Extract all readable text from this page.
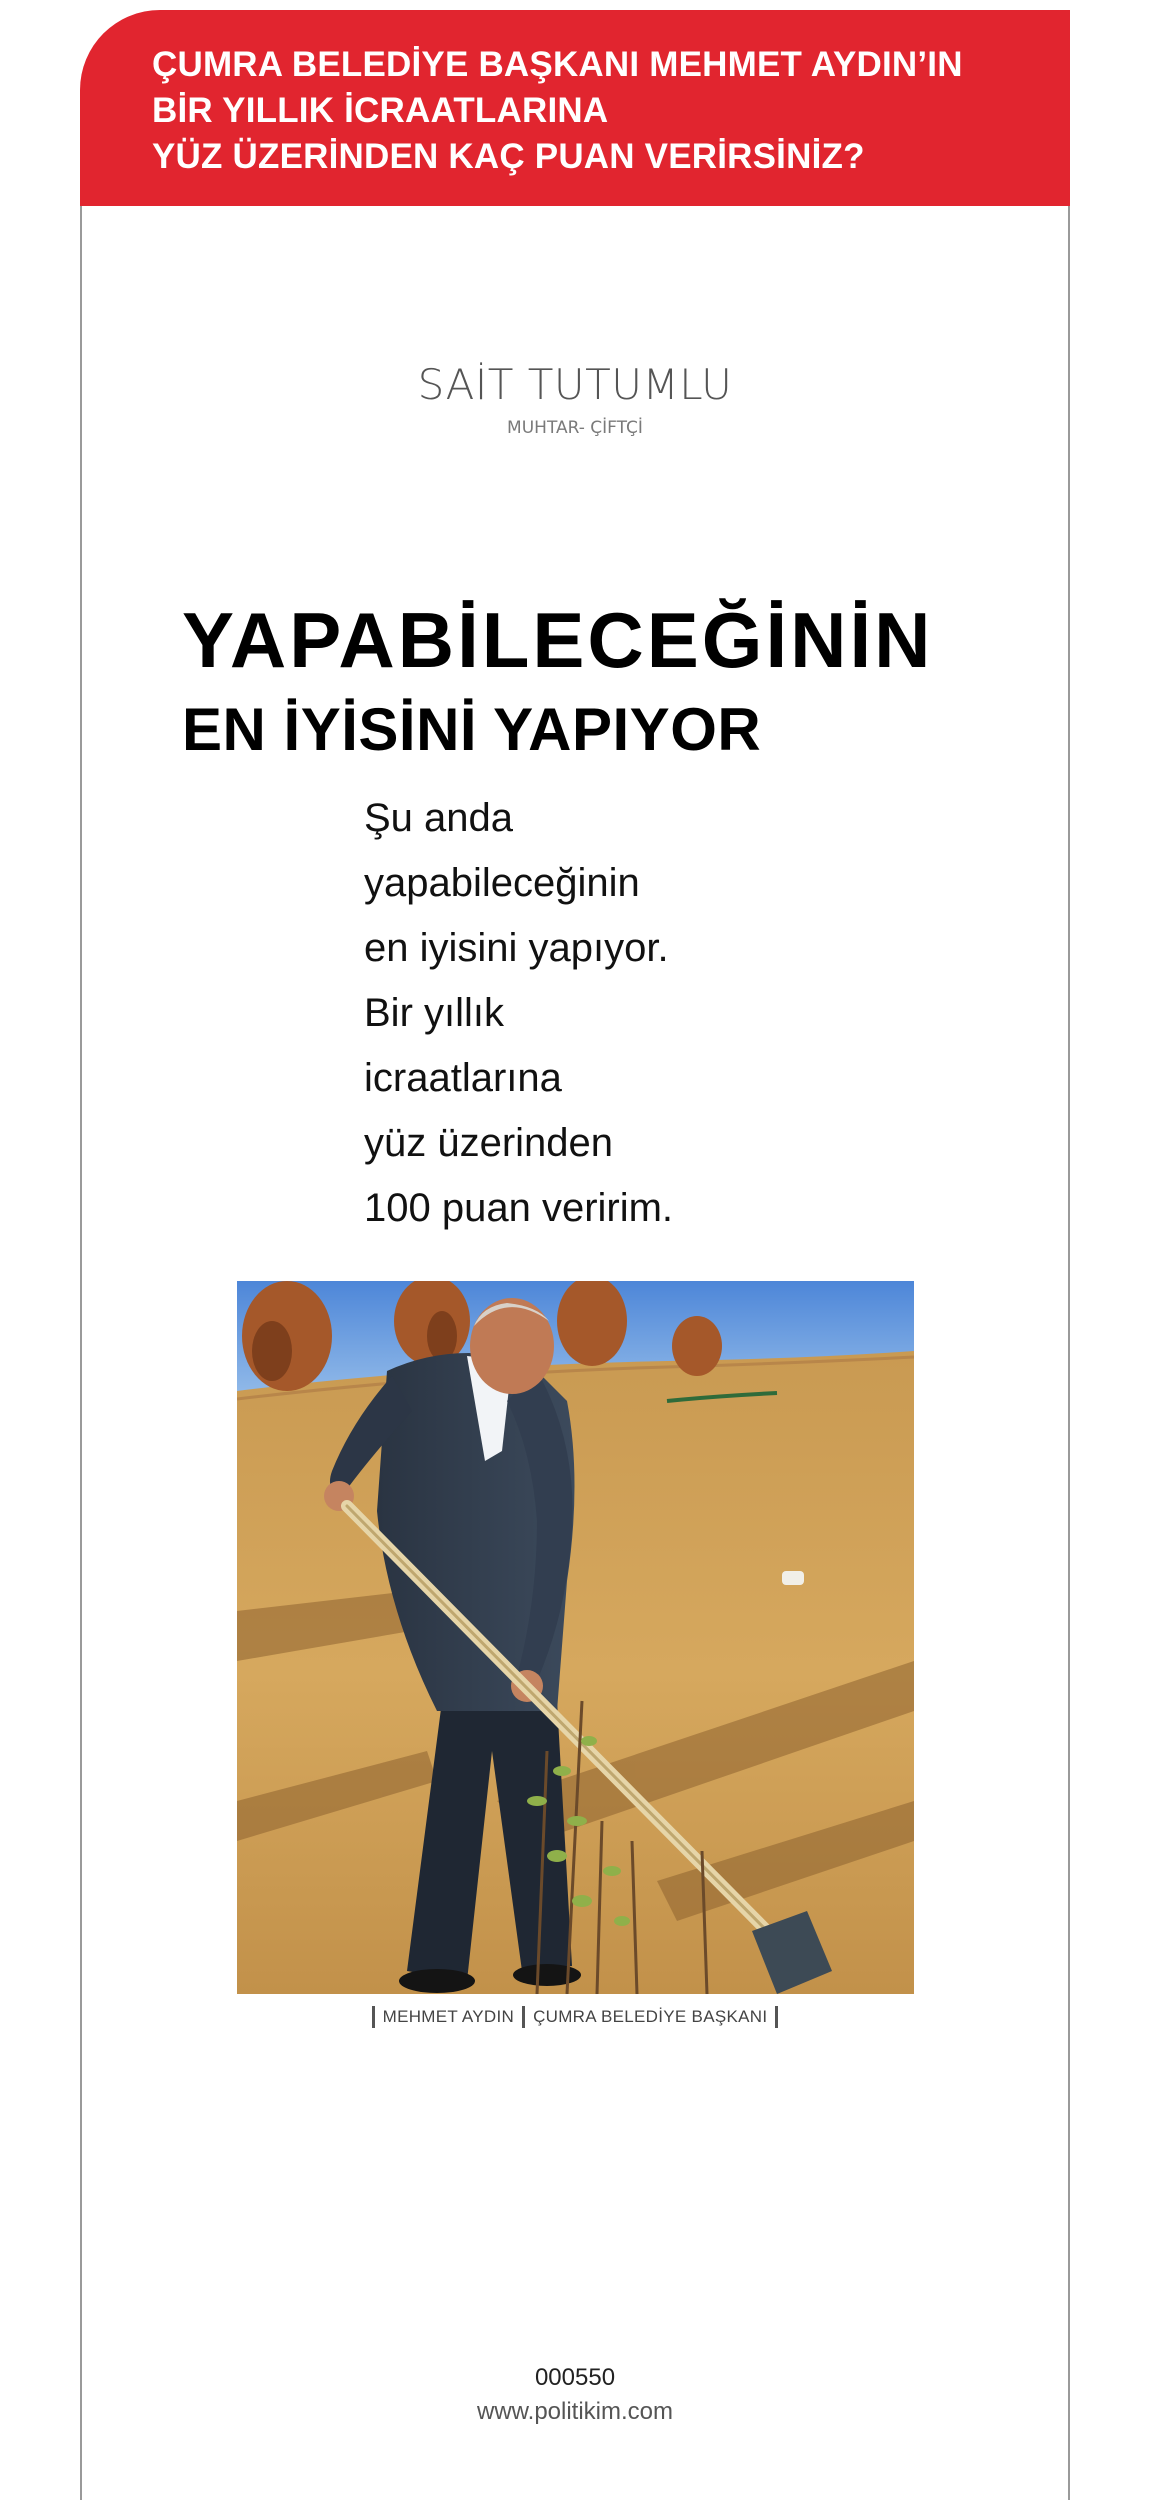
ÇUMRA BELEDİYE BAŞKANI MEHMET AYDIN’IN
BİR YILLIK İCRAATLARINA
YÜZ ÜZERİNDEN KAÇ PUAN VERİRSİNİZ?
SAİT TUTUMLU
MUHTAR- ÇİFTÇİ
YAPABİLECEĞİNİN
EN İYİSİNİ YAPIYOR
Şu anda
yapabileceğinin
en iyisini yapıyor.
Bir yıllık
icraatlarına
yüz üzerinden
100 puan veririm.
MEHMET AYDIN ÇUMRA BELEDİYE BAŞKANI
000550
www.politikim.com
